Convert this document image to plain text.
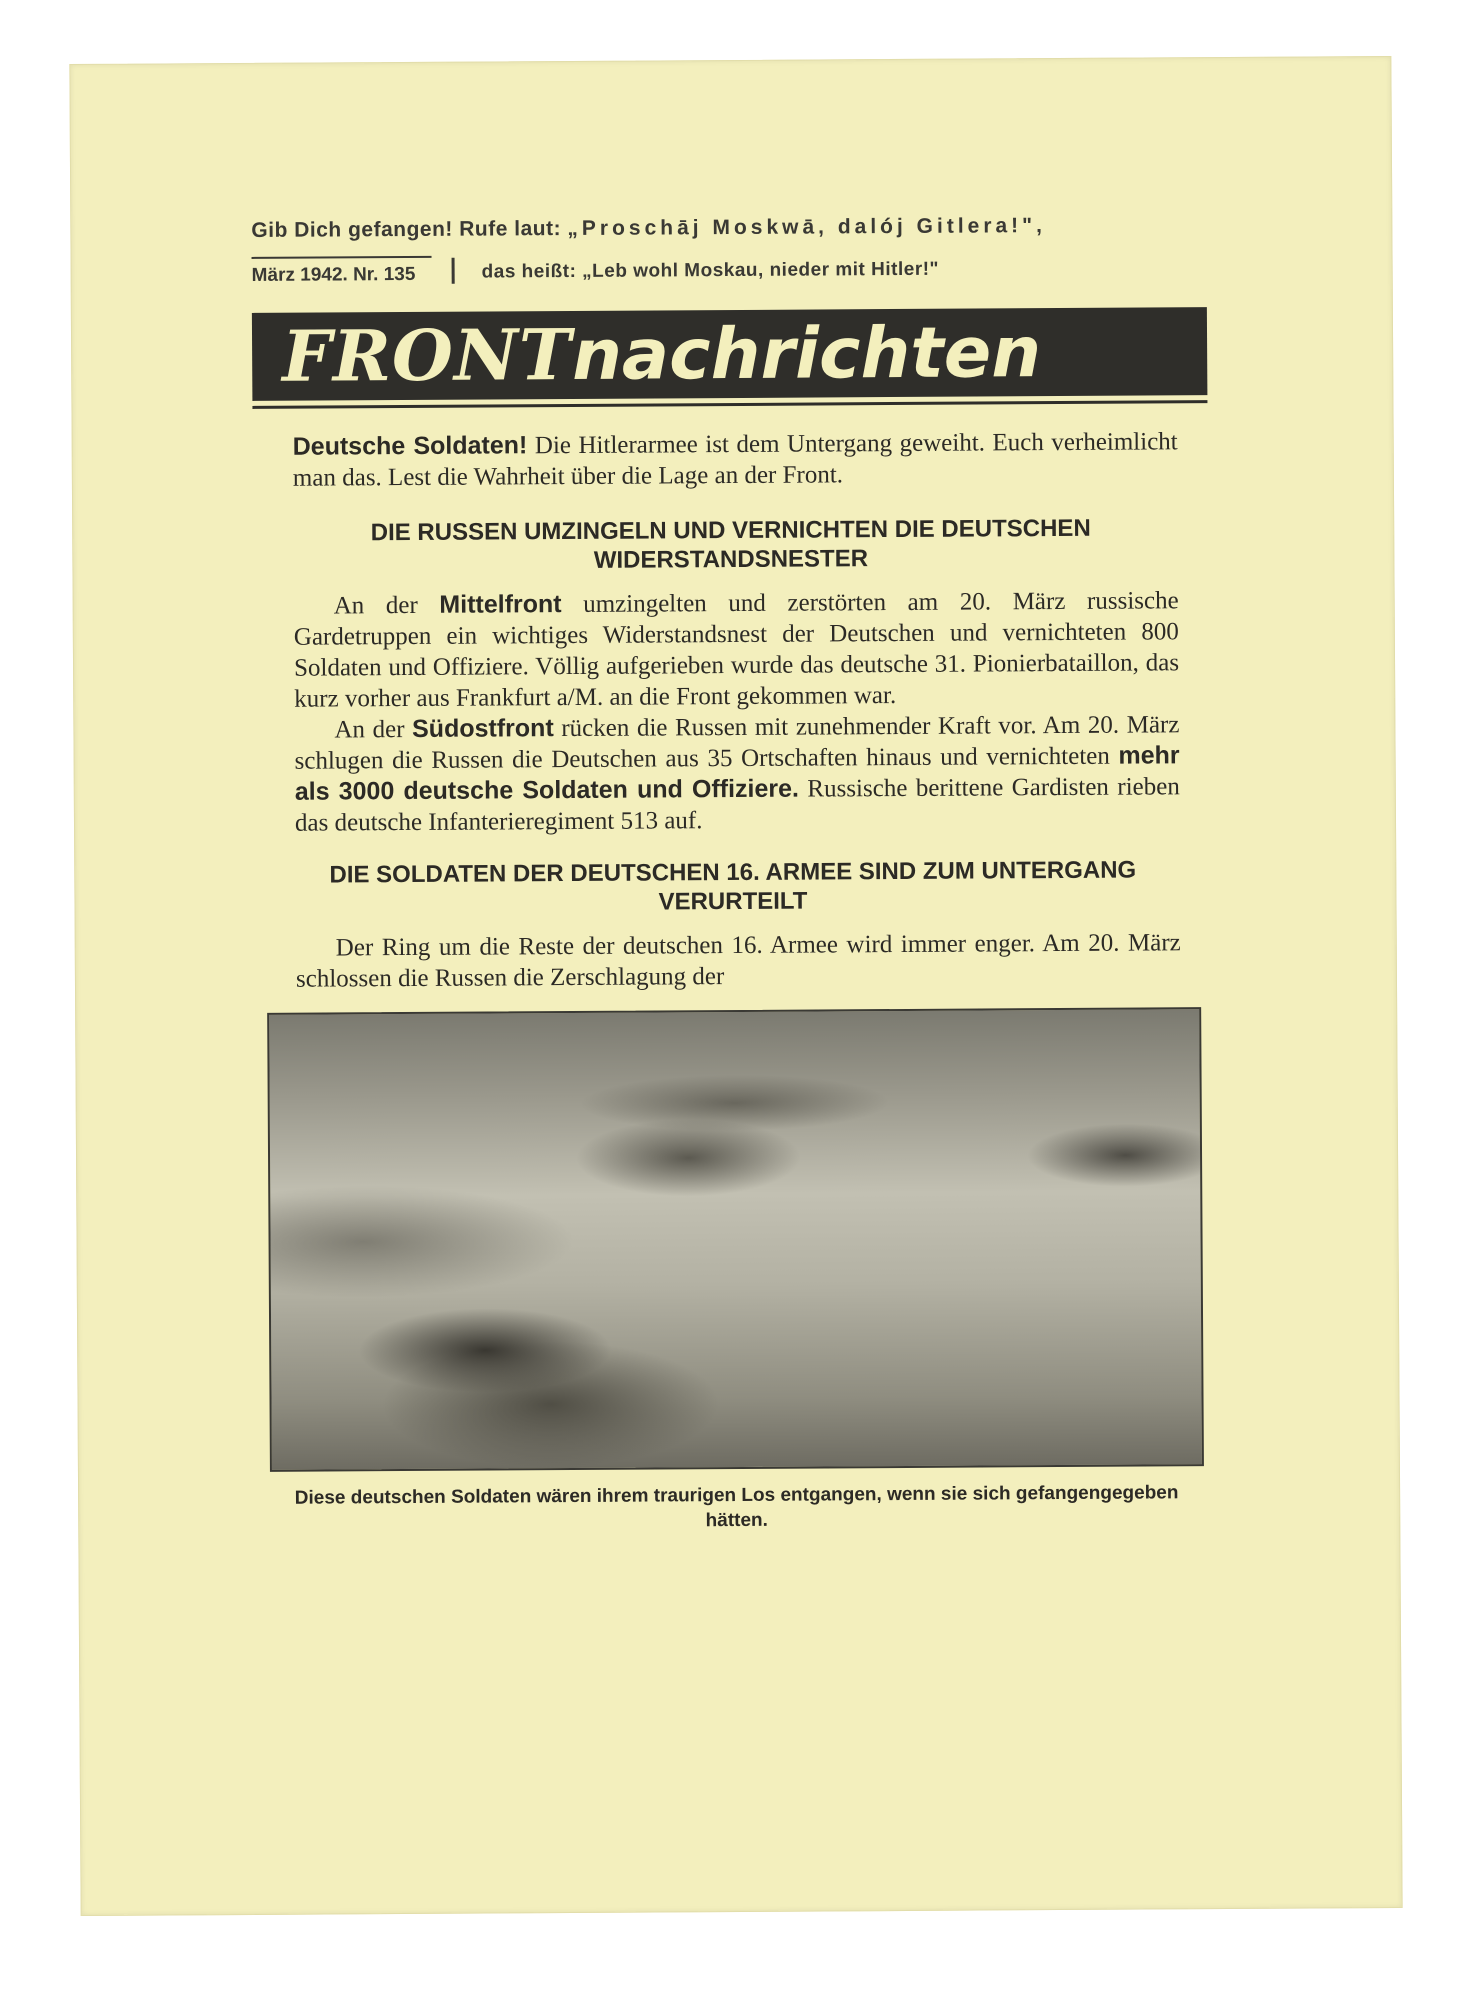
Gib Dich gefangen! Rufe laut: „Proschāj Moskwā, dalój Gitlera!",
März 1942. Nr. 135	das heißt: „Leb wohl Moskau, nieder mit Hitler!"
FRONTnachrichten

Deutsche Soldaten! Die Hitlerarmee ist dem Untergang geweiht. Euch verheimlicht man das. Lest die Wahrheit über die Lage an der Front.

DIE RUSSEN UMZINGELN UND VERNICHTEN DIE DEUTSCHEN WIDERSTANDSNESTER

An der Mittelfront umzingelten und zerstörten am 20. März russische Gardetruppen ein wichtiges Widerstandsnest der Deutschen und vernichteten 800 Soldaten und Offiziere. Völlig aufgerieben wurde das deutsche 31. Pionierbataillon, das kurz vorher aus Frankfurt a/M. an die Front gekommen war.

An der Südostfront rücken die Russen mit zunehmender Kraft vor. Am 20. März schlugen die Russen die Deutschen aus 35 Ortschaften hinaus und vernichteten mehr als 3000 deutsche Soldaten und Offiziere. Russische berittene Gardisten rieben das deutsche Infanterieregiment 513 auf.

DIE SOLDATEN DER DEUTSCHEN 16. ARMEE SIND ZUM UNTERGANG VERURTEILT

Der Ring um die Reste der deutschen 16. Armee wird immer enger. Am 20. März schlossen die Russen die Zerschlagung der

Diese deutschen Soldaten wären ihrem traurigen Los entgangen, wenn sie sich gefangengegeben hätten.
